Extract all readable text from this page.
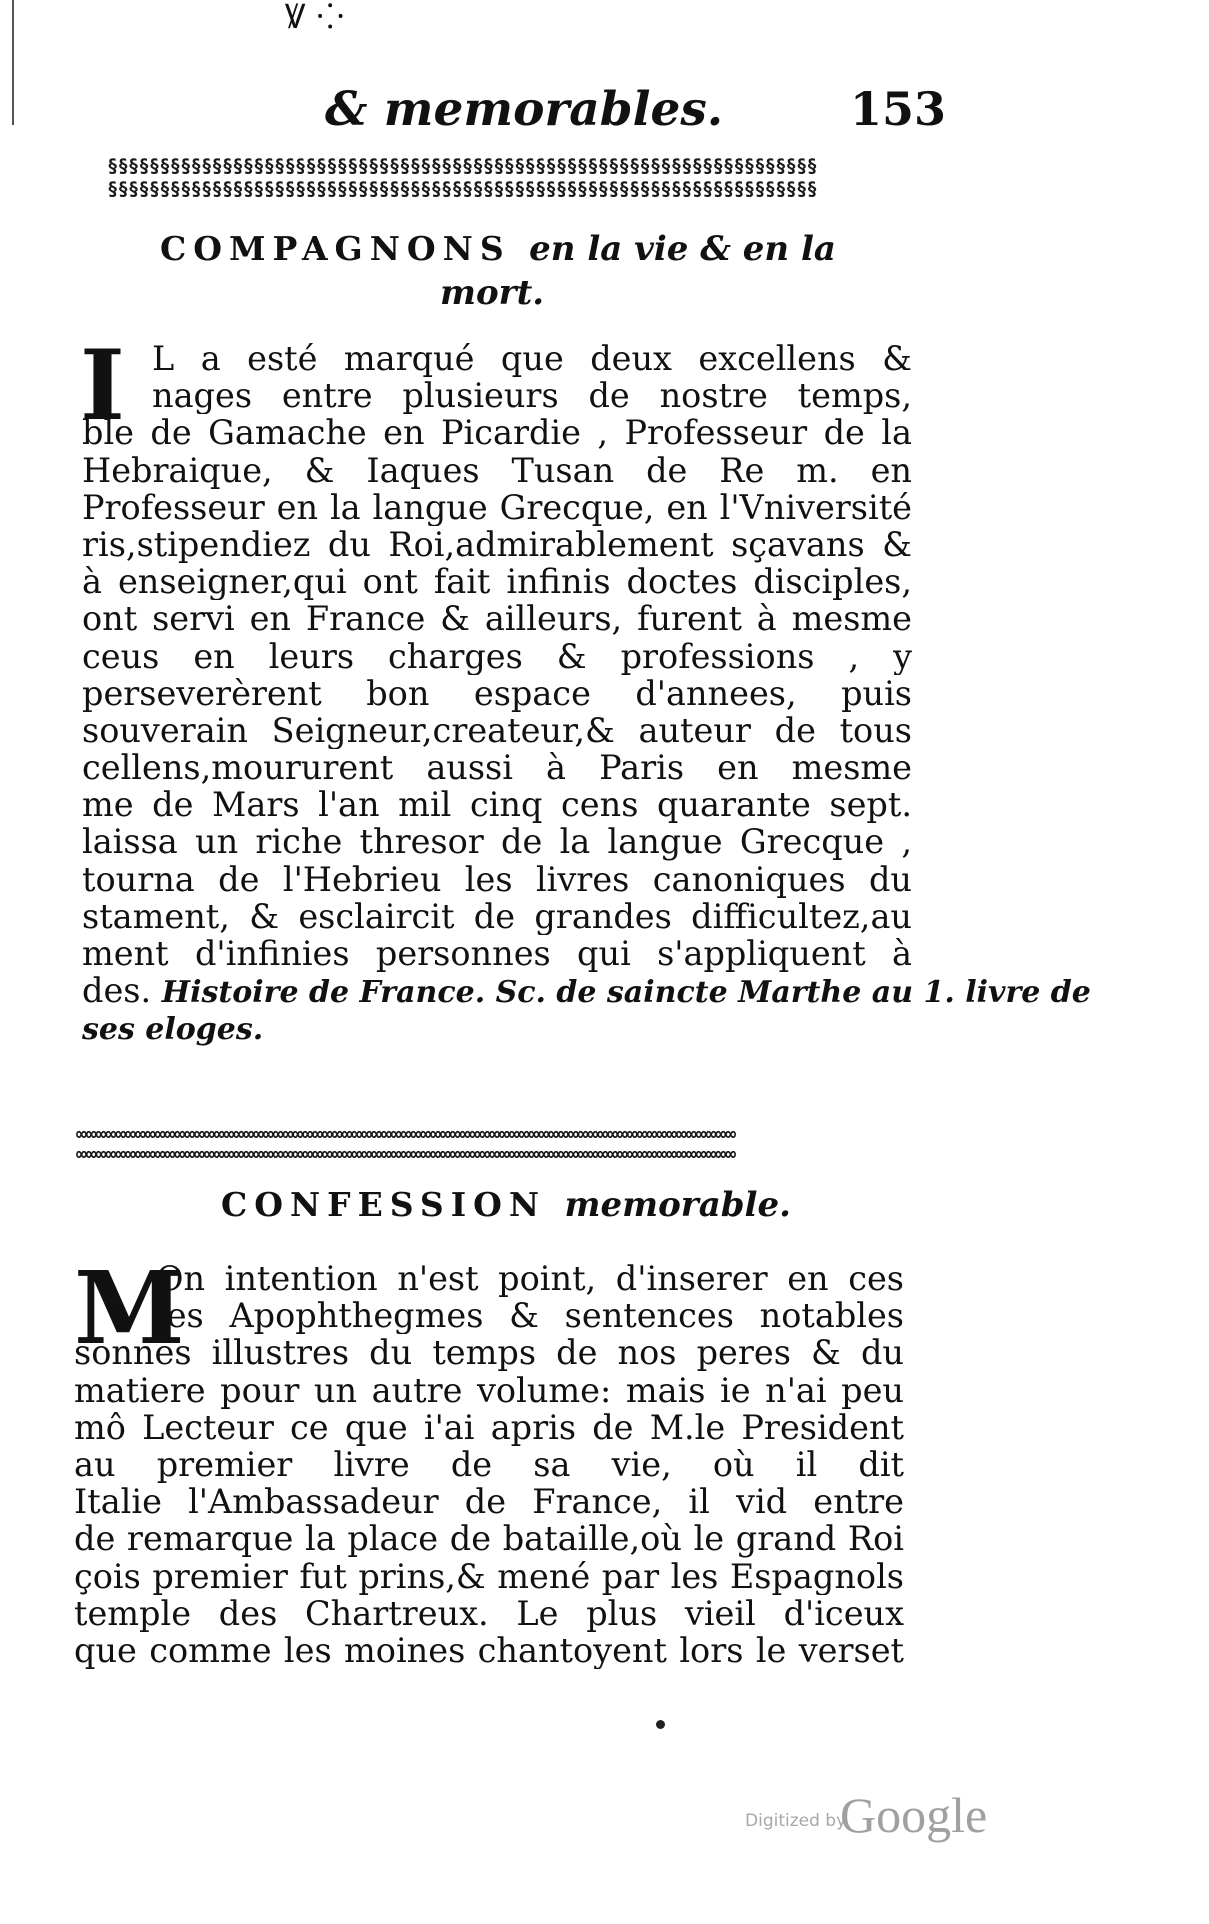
Ꝟ ⁘
& memorables.	153
§§§§§§§§§§§§§§§§§§§§§§§§§§§§§§§§§§§§§§§§§§§§§§§§§§§§§§§§§§§§§§§§§§§§
§§§§§§§§§§§§§§§§§§§§§§§§§§§§§§§§§§§§§§§§§§§§§§§§§§§§§§§§§§§§§§§§§§§§
COMPAGNONS en la vie & en la
mort.
I L a esté marqué que deux excellens &
nages entre plusieurs de nostre temps,
ble de Gamache en Picardie , Professeur de la
Hebraique, & Iaques Tusan de Re m. en
Professeur en la langue Grecque, en l'Vniversité
ris,stipendiez du Roi,admirablement sçavans &
à enseigner,qui ont fait infinis doctes disciples,
ont servi en France & ailleurs, furent à mesme
ceus en leurs charges & professions , y
perseverèrent bon espace d'annees, puis
souverain Seigneur,createur,& auteur de tous
cellens,moururent aussi à Paris en mesme
me de Mars l'an mil cinq cens quarante sept.
laissa un riche thresor de la langue Grecque ,
tourna de l'Hebrieu les livres canoniques du
stament, & esclaircit de grandes difficultez,au
ment d'infinies personnes qui s'appliquent à
des. Histoire de France. Sc. de saincte Marthe au 1. livre de
ses eloges.
∞∞∞∞∞∞∞∞∞∞∞∞∞∞∞∞∞∞∞∞∞∞∞∞∞∞∞∞∞∞∞∞∞∞∞∞∞∞∞∞∞∞∞∞∞∞∞∞∞∞∞∞∞∞∞∞∞∞∞∞∞∞∞∞∞∞∞
∞∞∞∞∞∞∞∞∞∞∞∞∞∞∞∞∞∞∞∞∞∞∞∞∞∞∞∞∞∞∞∞∞∞∞∞∞∞∞∞∞∞∞∞∞∞∞∞∞∞∞∞∞∞∞∞∞∞∞∞∞∞∞∞∞∞∞
CONFESSION memorable.
M
On intention n'est point, d'inserer en ces
les Apophthegmes & sentences notables
sonnes illustres du temps de nos peres & du
matiere pour un autre volume: mais ie n'ai peu
mô Lecteur ce que i'ai apris de M.le President
au premier livre de sa vie, où il dit
Italie l'Ambassadeur de France, il vid entre
de remarque la place de bataille,où le grand Roi
çois premier fut prins,& mené par les Espagnols
temple des Chartreux. Le plus vieil d'iceux
que comme les moines chantoyent lors le verset
Digitized by
Google
